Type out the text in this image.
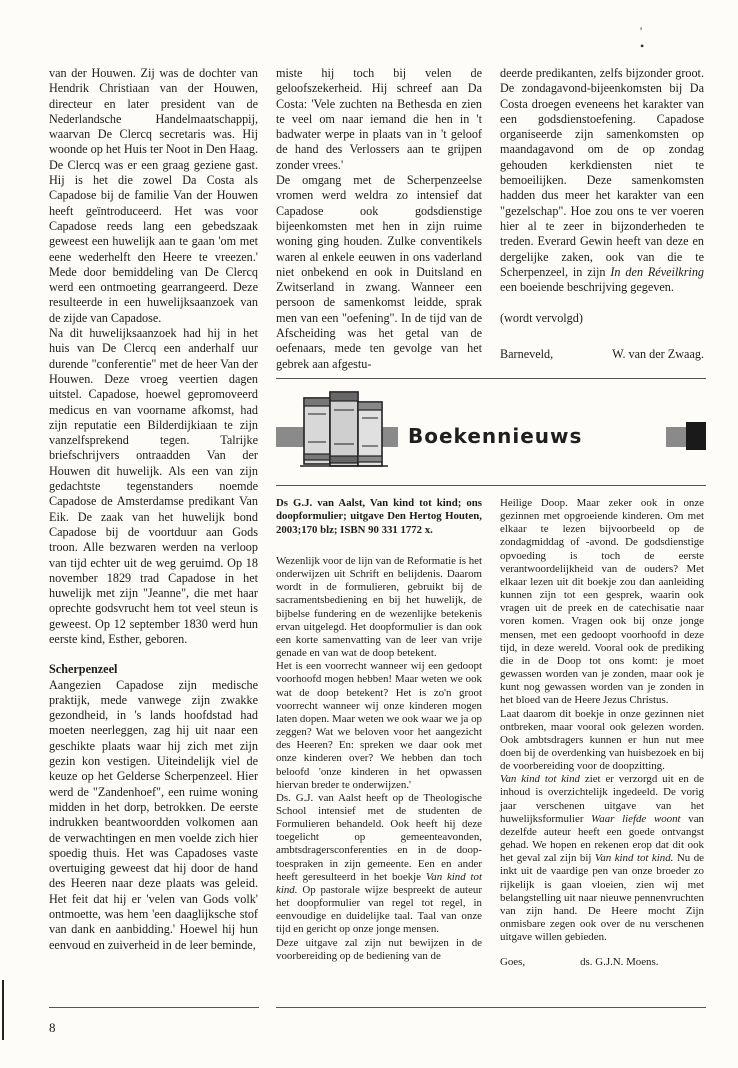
' •

van der Houwen. Zij was de dochter van Hendrik Christiaan van der Houwen, directeur en later president van de Nederlandsche Handelmaatschappij, waarvan De Clercq secretaris was. Hij woonde op het Huis ter Noot in Den Haag. De Clercq was er een graag geziene gast. Hij is het die zowel Da Costa als Capadose bij de familie Van der Houwen heeft geïntroduceerd. Het was voor Capadose reeds lang een gebedszaak geweest een huwelijk aan te gaan 'om met eene wederhelft den Heere te vreezen.' Mede door bemiddeling van De Clercq werd een ontmoeting gearrangeerd. Deze resulteerde in een huwelijksaanzoek van de zijde van Capadose.

Na dit huwelijksaanzoek had hij in het huis van De Clercq een anderhalf uur durende "conferentie" met de heer Van der Houwen. Deze vroeg veertien dagen uitstel. Capadose, hoewel gepromoveerd medicus en van voorname afkomst, had zijn reputatie een Bilderdijkiaan te zijn vanzelfsprekend tegen. Talrijke briefschrijvers ontraadden Van der Houwen dit huwelijk. Als een van zijn gedachtste tegenstanders noemde Capadose de Amsterdamse predikant Van Eik. De zaak van het huwelijk bond Capadose bij de voortduur aan Gods troon. Alle bezwaren werden na verloop van tijd echter uit de weg geruimd. Op 18 november 1829 trad Capadose in het huwelijk met zijn "Jeanne", die met haar oprechte godsvrucht hem tot veel steun is geweest. Op 12 september 1830 werd hun eerste kind, Esther, geboren.

Scherpenzeel

Aangezien Capadose zijn medische praktijk, mede vanwege zijn zwakke gezondheid, in 's lands hoofdstad had moeten neerleggen, zag hij uit naar een geschikte plaats waar hij zich met zijn gezin kon vestigen. Uiteindelijk viel de keuze op het Gelderse Scherpenzeel. Hier werd de "Zandenhoef", een ruime woning midden in het dorp, betrokken. De eerste indrukken beantwoordden volkomen aan de verwachtingen en men voelde zich hier spoedig thuis. Het was Capadoses vaste overtuiging geweest dat hij door de hand des Heeren naar deze plaats was geleid. Het feit dat hij er 'velen van Gods volk' ontmoette, was hem 'een daaglijksche stof van dank en aanbidding.' Hoewel hij hun eenvoud en zuiverheid in de leer beminde,

miste hij toch bij velen de geloofszekerheid. Hij schreef aan Da Costa: 'Vele zuchten na Bethesda en zien te veel om naar iemand die hen in 't badwater werpe in plaats van in 't geloof de hand des Verlossers aan te grijpen zonder vrees.'

De omgang met de Scherpenzeelse vromen werd weldra zo intensief dat Capadose ook godsdienstige bijeenkomsten met hen in zijn ruime woning ging houden. Zulke conventikels waren al enkele eeuwen in ons vaderland niet onbekend en ook in Duitsland en Zwitserland in zwang. Wanneer een persoon de samenkomst leidde, sprak men van een "oefening". In de tijd van de Afscheiding was het getal van de oefenaars, mede ten gevolge van het gebrek aan afgestu-

deerde predikanten, zelfs bijzonder groot. De zondagavond-bijeenkomsten bij Da Costa droegen eveneens het karakter van een godsdienstoefening. Capadose organiseerde zijn samenkomsten op maandagavond om de op zondag gehouden kerkdiensten niet te bemoeilijken. Deze samenkomsten hadden dus meer het karakter van een "gezelschap". Hoe zou ons te ver voeren hier al te zeer in bijzonderheden te treden. Everard Gewin heeft van deze en dergelijke zaken, ook van die te Scherpenzeel, in zijn In den Réveilkring een boeiende beschrijving gegeven.

(wordt vervolgd)

Barneveld,	W. van der Zwaag.

Boekennieuws
Ds G.J. van Aalst, Van kind tot kind; ons doopformulier; uitgave Den Hertog Houten, 2003;170 blz; ISBN 90 331 1772 x.

Wezenlijk voor de lijn van de Reformatie is het onderwijzen uit Schrift en belijdenis. Daarom wordt in de formulieren, gebruikt bij de sacramentsbediening en bij het huwelijk, de bijbelse fundering en de wezenlijke betekenis ervan uitgelegd. Het doopformulier is dan ook een korte samenvatting van de leer van vrije genade en van wat de doop betekent.

Het is een voorrecht wanneer wij een gedoopt voorhoofd mogen hebben! Maar weten we ook wat de doop betekent? Het is zo'n groot voorrecht wanneer wij onze kinderen mogen laten dopen. Maar weten we ook waar we ja op zeggen? Wat we beloven voor het aangezicht des Heeren? En: spreken we daar ook met onze kinderen over? We hebben dan toch beloofd 'onze kinderen in het opwassen hiervan breder te onderwijzen.'

Ds. G.J. van Aalst heeft op de Theologische School intensief met de studenten de Formulieren behandeld. Ook heeft hij deze toegelicht op gemeenteavonden, ambtsdragersconferenties en in de doop-toespraken in zijn gemeente. Een en ander heeft geresulteerd in het boekje Van kind tot kind. Op pastorale wijze bespreekt de auteur het doopformulier van regel tot regel, in eenvoudige en duidelijke taal. Taal van onze tijd en gericht op onze jonge mensen.

Deze uitgave zal zijn nut bewijzen in de voorbereiding op de bediening van de

Heilige Doop. Maar zeker ook in onze gezinnen met opgroeiende kinderen. Om met elkaar te lezen bijvoorbeeld op de zondagmiddag of -avond. De godsdienstige opvoeding is toch de eerste verantwoordelijkheid van de ouders? Met elkaar lezen uit dit boekje zou dan aanleiding kunnen zijn tot een gesprek, waarin ook vragen uit de preek en de catechisatie naar voren komen. Vragen ook bij onze jonge mensen, met een gedoopt voorhoofd in deze tijd, in deze wereld. Vooral ook de prediking die in de Doop tot ons komt: je moet gewassen worden van je zonden, maar ook je kunt nog gewassen worden van je zonden in het bloed van de Heere Jezus Christus.

Laat daarom dit boekje in onze gezinnen niet ontbreken, maar vooral ook gelezen worden. Ook ambtsdragers kunnen er hun nut mee doen bij de overdenking van huisbezoek en bij de voorbereiding voor de doopzitting.

Van kind tot kind ziet er verzorgd uit en de inhoud is overzichtelijk ingedeeld. De vorig jaar verschenen uitgave van het huwelijksformulier Waar liefde woont van dezelfde auteur heeft een goede ontvangst gehad. We hopen en rekenen erop dat dit ook het geval zal zijn bij Van kind tot kind. Nu de inkt uit de vaardige pen van onze broeder zo rijkelijk is gaan vloeien, zien wij met belangstelling uit naar nieuwe pennenvruchten van zijn hand. De Heere mocht Zijn onmisbare zegen ook over de nu verschenen uitgave willen gebieden.

Goes,	ds. G.J.N. Moens.

8
